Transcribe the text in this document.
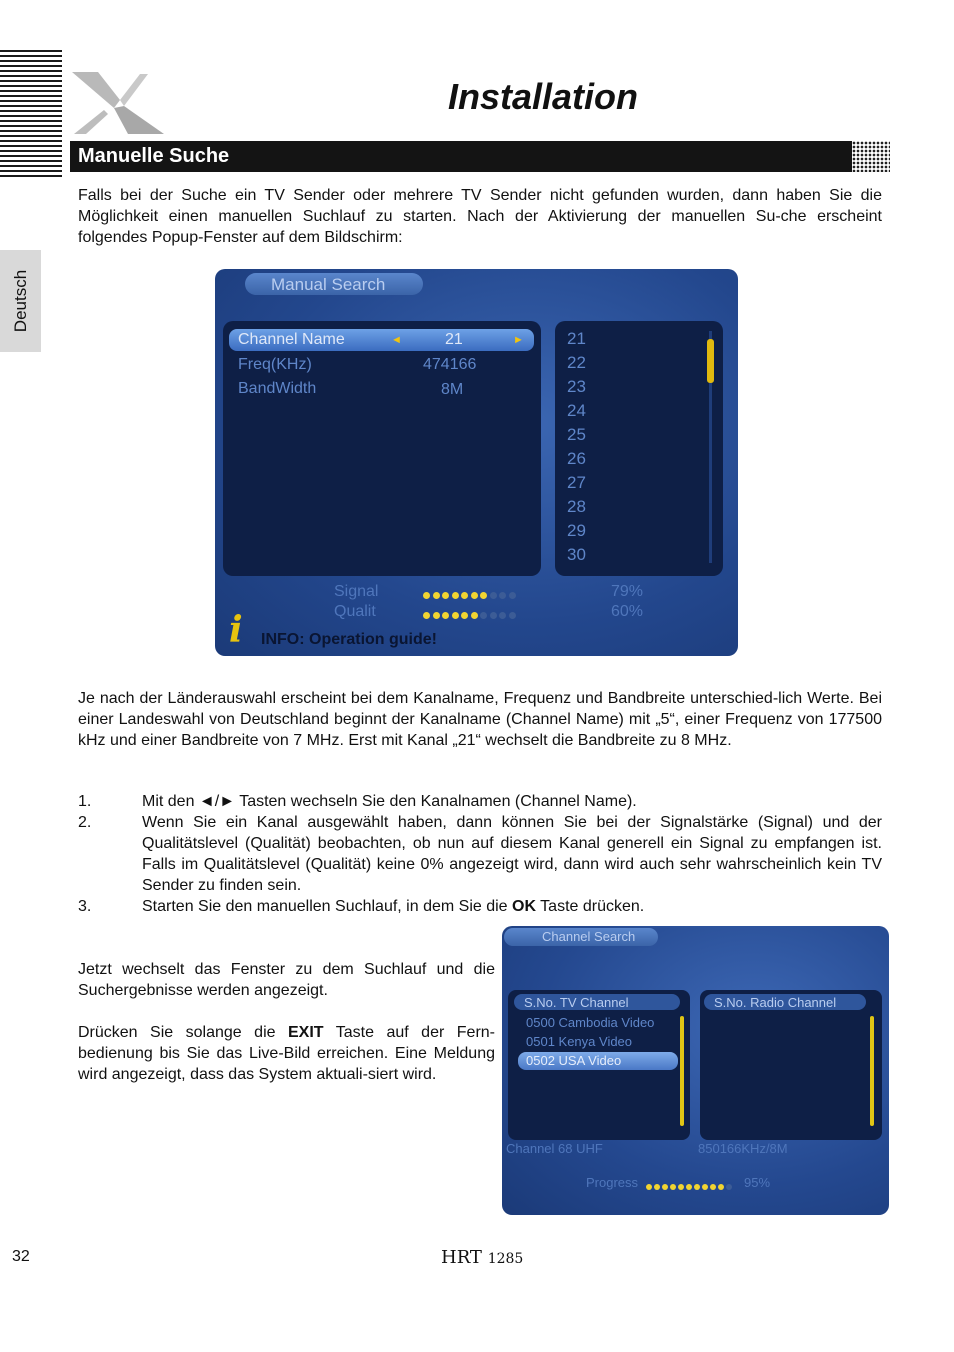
Deutsch
Installation
Manuelle Suche
Falls bei der Suche ein TV Sender oder mehrere TV Sender nicht gefunden wurden, dann haben Sie die Möglichkeit einen manuellen Suchlauf zu starten. Nach der Aktivierung der manuellen Su-che erscheint folgendes Popup-Fenster auf dem Bildschirm:
Manual Search
Channel Name	◄	21	►
Freq(KHz)	474166
BandWidth	8M
21
22
23
24
25
26
27
28
29
30
Signal	79%
Qualit	60%
i INFO: Operation guide!
Je nach der Länderauswahl erscheint bei dem Kanalname, Frequenz und Bandbreite unterschied-lich Werte. Bei einer Landeswahl von Deutschland beginnt der Kanalname (Channel Name) mit „5“, einer Frequenz von 177500 kHz und einer Bandbreite von 7 MHz. Erst mit Kanal „21“ wechselt die Bandbreite zu 8 MHz.
1.	Mit den ◄/► Tasten wechseln Sie den Kanalnamen (Channel Name).
2.	Wenn Sie ein Kanal ausgewählt haben, dann können Sie bei der Signalstärke (Signal) und der Qualitätslevel (Qualität) beobachten, ob nun auf diesem Kanal generell ein Signal zu empfangen ist. Falls im Qualitätslevel (Qualität) keine 0% angezeigt wird, dann wird auch sehr wahrscheinlich kein TV Sender zu finden sein.
3.	Starten Sie den manuellen Suchlauf, in dem Sie die OK Taste drücken.
Jetzt wechselt das Fenster zu dem Suchlauf und die Suchergebnisse werden angezeigt.
Drücken Sie solange die EXIT Taste auf der Fern-bedienung bis Sie das Live-Bild erreichen. Eine Meldung wird angezeigt, dass das System aktuali-siert wird.
Channel Search
S.No. TV Channel
0500 Cambodia Video
0501 Kenya Video
0502 USA Video
S.No. Radio Channel
Channel 68 UHF	850166KHz/8M
Progress	95%
32	HRT 1285
